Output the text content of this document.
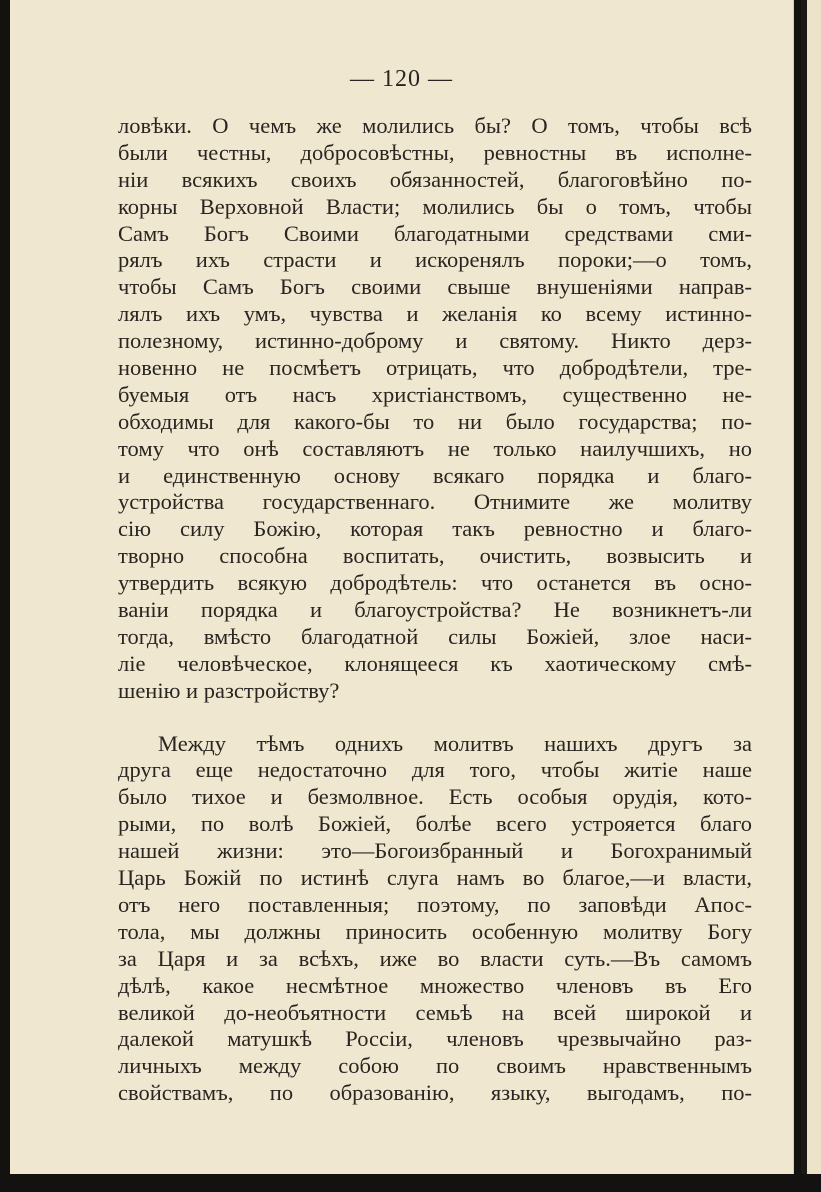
— 120 —
ловѣки. О чемъ же молились бы? О томъ, чтобы всѣ
были честны, добросовѣстны, ревностны въ исполне-
ніи всякихъ своихъ обязанностей, благоговѣйно по-
корны Верховной Власти; молились бы о томъ, чтобы
Самъ Богъ Своими благодатными средствами сми-
рялъ ихъ страсти и искоренялъ пороки;—о томъ,
чтобы Самъ Богъ своими свыше внушеніями направ-
лялъ ихъ умъ, чувства и желанія ко всему истинно-
полезному, истинно-доброму и святому. Никто дерз-
новенно не посмѣетъ отрицать, что добродѣтели, тре-
буемыя отъ насъ христіанствомъ, существенно не-
обходимы для какого-бы то ни было государства; по-
тому что онѣ составляютъ не только наилучшихъ, но
и единственную основу всякаго порядка и благо-
устройства государственнаго. Отнимите же молитву
сію силу Божію, которая такъ ревностно и благо-
творно способна воспитать, очистить, возвысить и
утвердить всякую добродѣтель: что останется въ осно-
ваніи порядка и благоустройства? Не возникнетъ-ли
тогда, вмѣсто благодатной силы Божіей, злое наси-
ліе человѣческое, клонящееся къ хаотическому смѣ-
шенію и разстройству?
Между тѣмъ однихъ молитвъ нашихъ другъ за
друга еще недостаточно для того, чтобы житіе наше
было тихое и безмолвное. Есть особыя орудія, кото-
рыми, по волѣ Божіей, болѣе всего устрояется благо
нашей жизни: это—Богоизбранный и Богохранимый
Царь Божій по истинѣ слуга намъ во благое,—и власти,
отъ него поставленныя; поэтому, по заповѣди Апос-
тола, мы должны приносить особенную молитву Богу
за Царя и за всѣхъ, иже во власти суть.—Въ самомъ
дѣлѣ, какое несмѣтное множество членовъ въ Его
великой до-необъятности семьѣ на всей широкой и
далекой матушкѣ Россіи, членовъ чрезвычайно раз-
личныхъ между собою по своимъ нравственнымъ
свойствамъ, по образованію, языку, выгодамъ, по-
